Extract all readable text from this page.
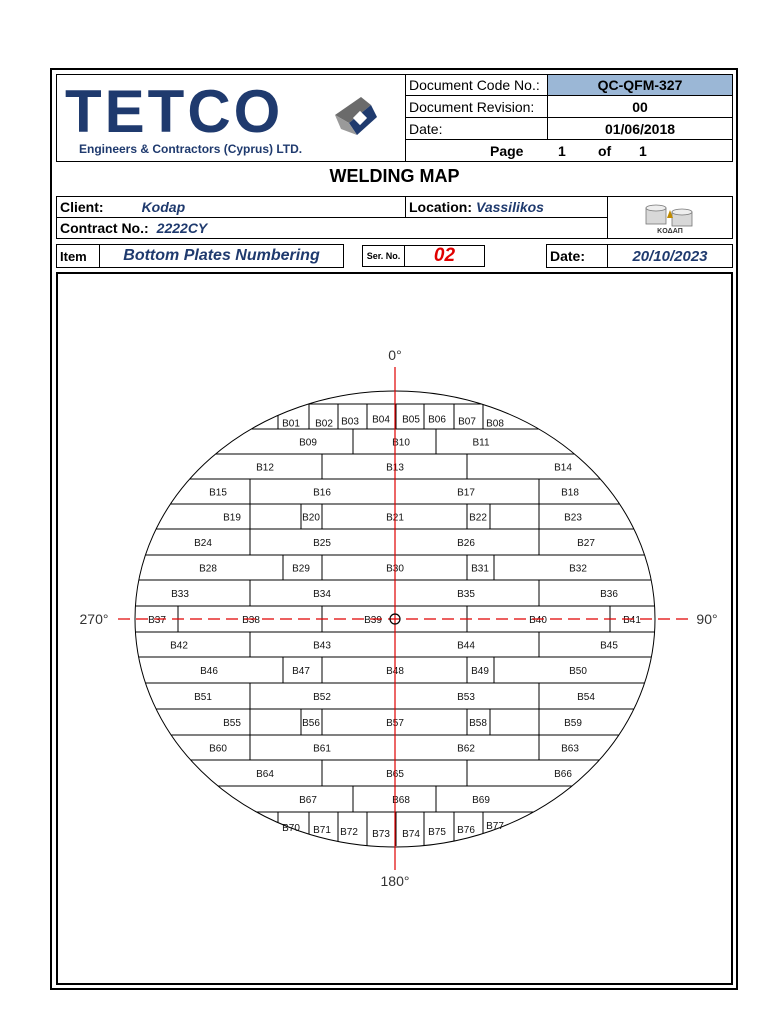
TETCO
Engineers & Contractors (Cyprus) LTD.
Document Code No.:	QC-QFM-327
Document Revision:	00
Date:	01/06/2018
Page 1 of 1
WELDING MAP
Client:	Kodap	Location: Vassilikos
Contract No.: 2222CY	KOΔAΠ
Item	Bottom Plates Numbering	Ser. No.	02	Date:	20/10/2023
B01 B02 B03 B04 B05 B06 B07 B08
B09	B10	B11
B12	B13	B14
B15	B16	B17	B18
B19	B20	B21	B22	B23
B24	B25	B26	B27
B28	B29	B30	B31	B32
B33	B34	B35	B36
B37	B38	B39	B40	B41
B42	B43	B44	B45
B46	B47	B48	B49	B50
B51	B52	B53	B54
B55	B56	B57	B58	B59
B60	B61	B62	B63
B64	B65	B66
B67	B68	B69
B70 B71 B72 B73 B74 B75 B76 B77
0°
90°
180°
270°
